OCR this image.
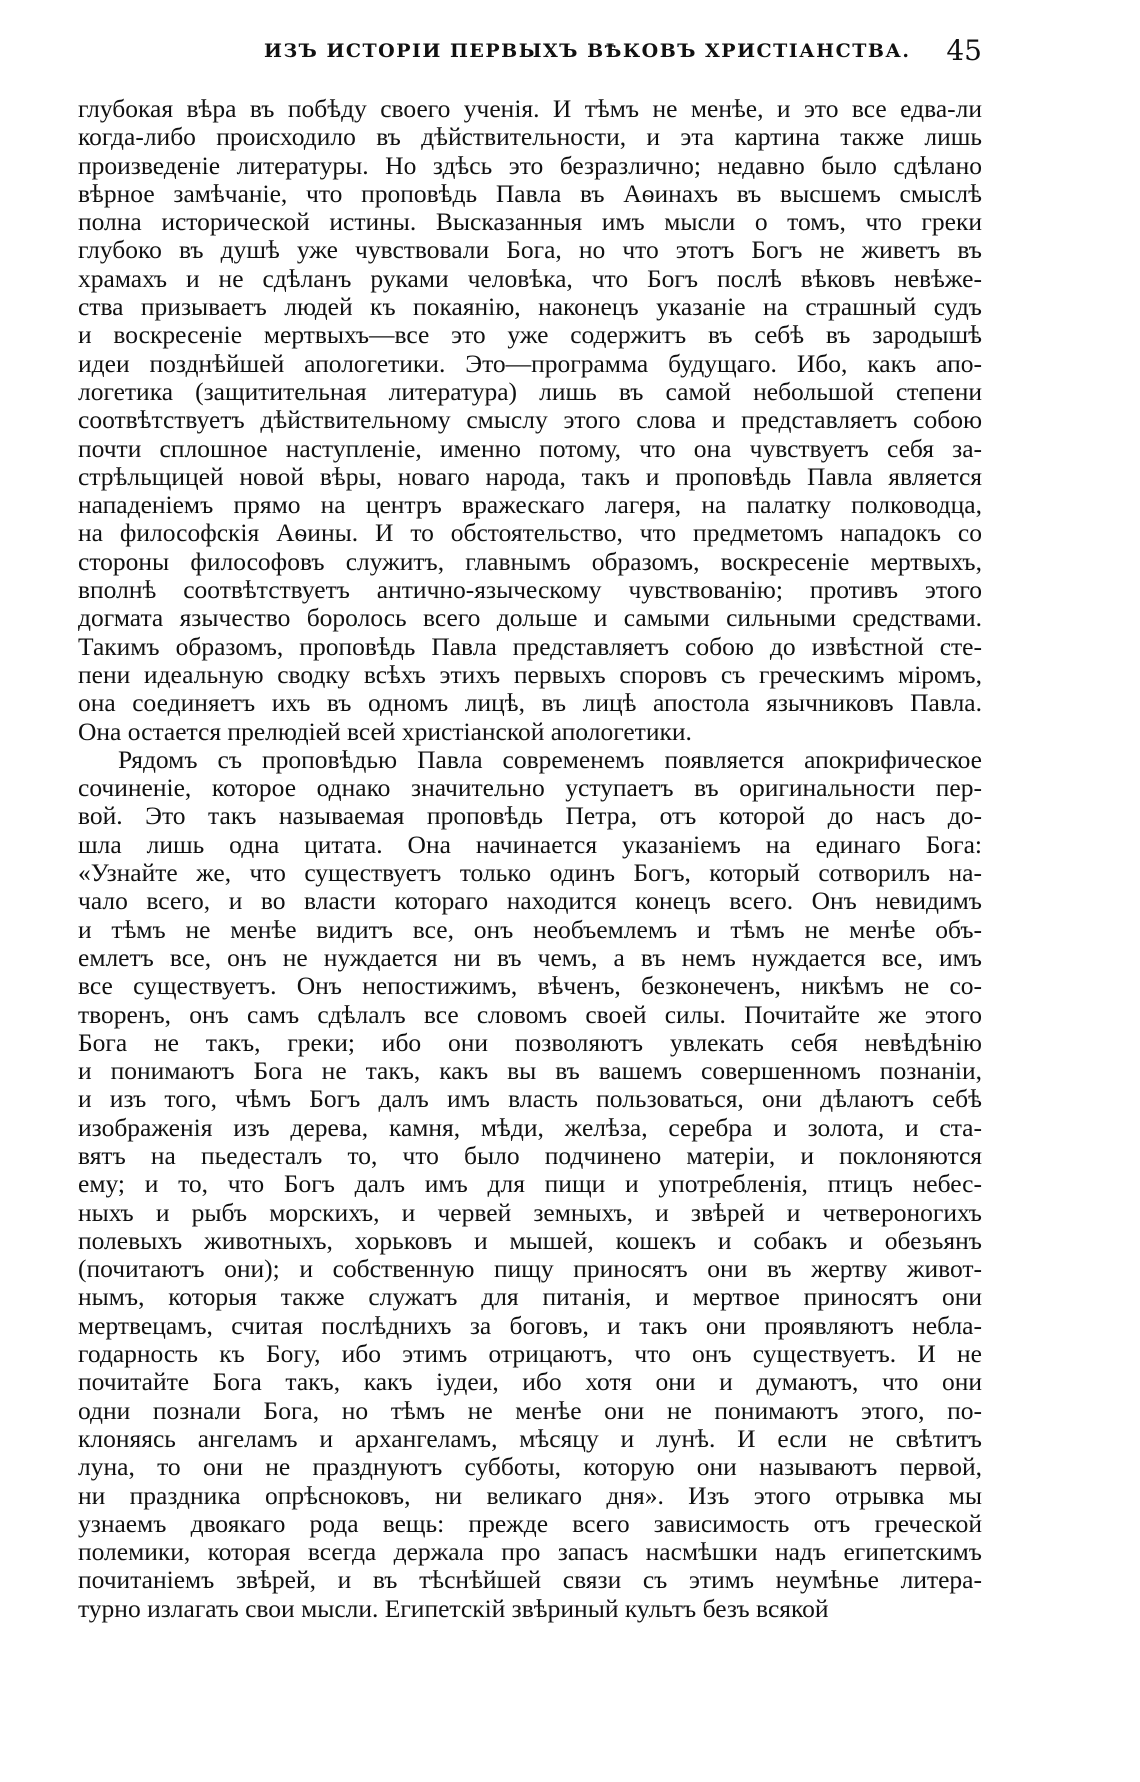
ИЗЪ ИСТОРІИ ПЕРВЫХЪ ВѢКОВЪ ХРИСТІАНСТВА. 45
глубокая вѣра въ побѣду своего ученія. И тѣмъ не менѣе, и это все едва-ли
когда-либо происходило въ дѣйствительности, и эта картина также лишь
произведеніе литературы. Но здѣсь это безразлично; недавно было сдѣлано
вѣрное замѣчаніе, что проповѣдь Павла въ Аѳинахъ въ высшемъ смыслѣ
полна исторической истины. Высказанныя имъ мысли о томъ, что греки
глубоко въ душѣ уже чувствовали Бога, но что этотъ Богъ не живетъ въ
храмахъ и не сдѣланъ руками человѣка, что Богъ послѣ вѣковъ невѣже-
ства призываетъ людей къ покаянію, наконецъ указаніе на страшный судъ
и воскресеніе мертвыхъ—все это уже содержитъ въ себѣ въ зародышѣ
идеи позднѣйшей апологетики. Это—программа будущаго. Ибо, какъ апо-
логетика (защитительная литература) лишь въ самой небольшой степени
соотвѣтствуетъ дѣйствительному смыслу этого слова и представляетъ собою
почти сплошное наступленіе, именно потому, что она чувствуетъ себя за-
стрѣльщицей новой вѣры, новаго народа, такъ и проповѣдь Павла является
нападеніемъ прямо на центръ вражескаго лагеря, на палатку полководца,
на философскія Аѳины. И то обстоятельство, что предметомъ нападокъ со
стороны философовъ служитъ, главнымъ образомъ, воскресеніе мертвыхъ,
вполнѣ соотвѣтствуетъ антично-языческому чувствованію; противъ этого
догмата язычество боролось всего дольше и самыми сильными средствами.
Такимъ образомъ, проповѣдь Павла представляетъ собою до извѣстной сте-
пени идеальную сводку всѣхъ этихъ первыхъ споровъ съ греческимъ міромъ,
она соединяетъ ихъ въ одномъ лицѣ, въ лицѣ апостола язычниковъ Павла.
Она остается прелюдіей всей христіанской апологетики.
Рядомъ съ проповѣдью Павла современемъ появляется апокрифическое
сочиненіе, которое однако значительно уступаетъ въ оригинальности пер-
вой. Это такъ называемая проповѣдь Петра, отъ которой до насъ до-
шла лишь одна цитата. Она начинается указаніемъ на единаго Бога:
«Узнайте же, что существуетъ только одинъ Богъ, который сотворилъ на-
чало всего, и во власти котораго находится конецъ всего. Онъ невидимъ
и тѣмъ не менѣе видитъ все, онъ необъемлемъ и тѣмъ не менѣе объ-
емлетъ все, онъ не нуждается ни въ чемъ, а въ немъ нуждается все, имъ
все существуетъ. Онъ непостижимъ, вѣченъ, безконеченъ, никѣмъ не со-
творенъ, онъ самъ сдѣлалъ все словомъ своей силы. Почитайте же этого
Бога не такъ, греки; ибо они позволяютъ увлекать себя невѣдѣнію
и понимаютъ Бога не такъ, какъ вы въ вашемъ совершенномъ познаніи,
и изъ того, чѣмъ Богъ далъ имъ власть пользоваться, они дѣлаютъ себѣ
изображенія изъ дерева, камня, мѣди, желѣза, серебра и золота, и ста-
вятъ на пьедесталъ то, что было подчинено матеріи, и поклоняются
ему; и то, что Богъ далъ имъ для пищи и употребленія, птицъ небес-
ныхъ и рыбъ морскихъ, и червей земныхъ, и звѣрей и четвероногихъ
полевыхъ животныхъ, хорьковъ и мышей, кошекъ и собакъ и обезьянъ
(почитаютъ они); и собственную пищу приносятъ они въ жертву живот-
нымъ, которыя также служатъ для питанія, и мертвое приносятъ они
мертвецамъ, считая послѣднихъ за боговъ, и такъ они проявляютъ небла-
годарность къ Богу, ибо этимъ отрицаютъ, что онъ существуетъ. И не
почитайте Бога такъ, какъ іудеи, ибо хотя они и думаютъ, что они
одни познали Бога, но тѣмъ не менѣе они не понимаютъ этого, по-
клоняясь ангеламъ и архангеламъ, мѣсяцу и лунѣ. И если не свѣтитъ
луна, то они не празднуютъ субботы, которую они называютъ первой,
ни праздника опрѣсноковъ, ни великаго дня». Изъ этого отрывка мы
узнаемъ двоякаго рода вещь: прежде всего зависимость отъ греческой
полемики, которая всегда держала про запасъ насмѣшки надъ египетскимъ
почитаніемъ звѣрей, и въ тѣснѣйшей связи съ этимъ неумѣнье литера-
турно излагать свои мысли. Египетскій звѣриный культъ безъ всякой
